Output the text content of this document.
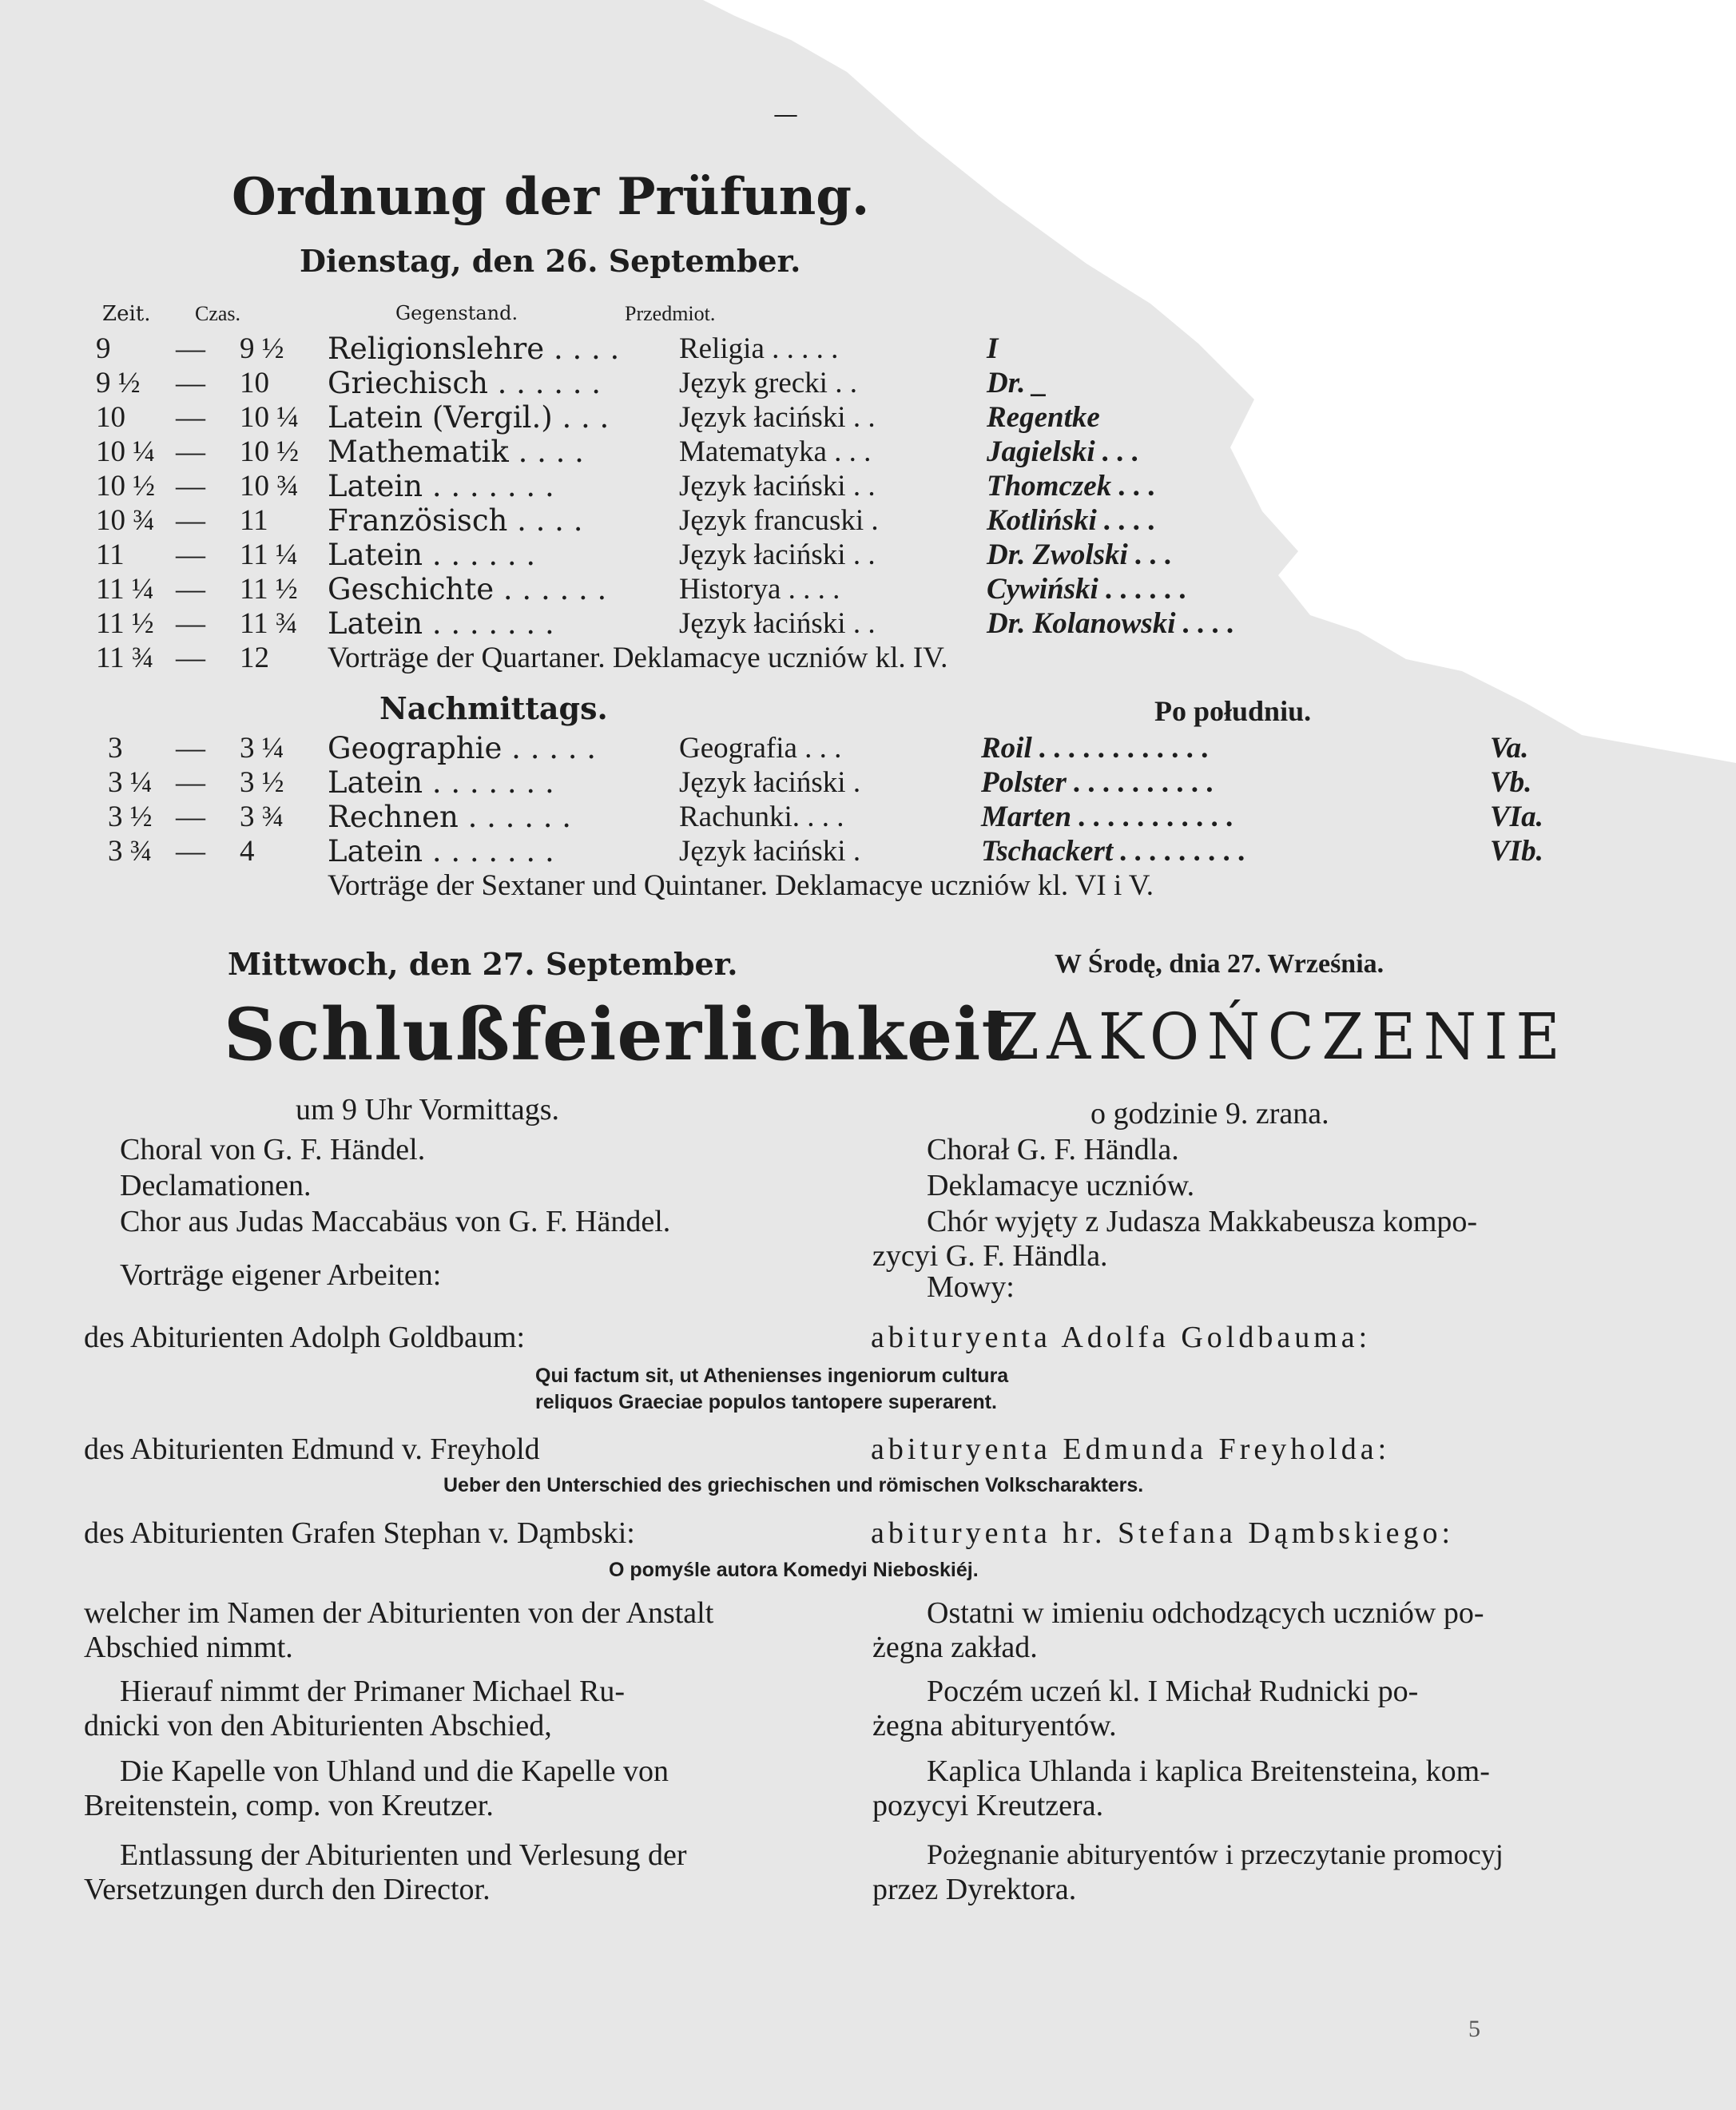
—
Ordnung der Prüfung.
Dienstag, den 26. September.
Zeit. Czas.	Gegenstand.	Przedmiot.
9 — 9 ½ Religionslehre . . . . Religia . . . . .	I
9 ½ — 10 Griechisch . . . . . .	Język grecki . .	Dr. _
10 — 10 ¼ Latein (Vergil.) . . . Język łaciński . .	Regentke
10 ¼ — 10 ½ Mathematik . . . .	Matematyka . . .	Jagielski . . .
10 ½ — 10 ¾ Latein . . . . . . .	Język łaciński . .	Thomczek . . .
10 ¾ — 11 Französisch . . . .	Język francuski .	Kotliński . . . .
11 — 11 ¼ Latein . . . . . .	Język łaciński . .	Dr. Zwolski . . .
11 ¼ — 11 ½ Geschichte . . . . . . Historya . . . .	Cywiński . . . . . .
11 ½ — 11 ¾ Latein . . . . . . .	Język łaciński . .	Dr. Kolanowski . . . .
11 ¾ — 12 Vorträge der Quartaner. Deklamacye uczniów kl. IV.
Nachmittags.	Po południu.
3 — 3 ¼ Geographie . . . . .	Geografia . . .	Roil . . . . . . . . . . . .	Va.
3 ¼ — 3 ½ Latein . . . . . . .	Język łaciński .	Polster . . . . . . . . . .	Vb.
3 ½ — 3 ¾ Rechnen . . . . . .	Rachunki. . . .	Marten . . . . . . . . . . .	VIa.
3 ¾ — 4 Latein . . . . . . .	Język łaciński .	Tschackert . . . . . . . . .	VIb.
Vorträge der Sextaner und Quintaner. Deklamacye uczniów kl. VI i V.
Mittwoch, den 27. September.	W Środę, dnia 27. Września.
Schlußfeierlichkeit
ZAKOŃCZENIE
um 9 Uhr Vormittags.	o godzinie 9. zrana.
Choral von G. F. Händel.
Declamationen.
Chor aus Judas Maccabäus von G. F. Händel.
Chorał G. F. Händla.
Deklamacye uczniów.
Chór wyjęty z Judasza Makkabeusza kompo-
zycyi G. F. Händla.
Vorträge eigener Arbeiten:	Mowy:
des Abiturienten Adolph Goldbaum:	abituryenta Adolfa Goldbauma:
Qui factum sit, ut Athenienses ingeniorum cultura
reliquos Graeciae populos tantopere superarent.
des Abiturienten Edmund v. Freyhold	abituryenta Edmunda Freyholda:
Ueber den Unterschied des griechischen und römischen Volkscharakters.
des Abiturienten Grafen Stephan v. Dąmbski:	abituryenta hr. Stefana Dąmbskiego:
O pomyśle autora Komedyi Nieboskiéj.
welcher im Namen der Abiturienten von der Anstalt
Abschied nimmt.
Ostatni w imieniu odchodzących uczniów po-
żegna zakład.
Hierauf nimmt der Primaner Michael Ru-
dnicki von den Abiturienten Abschied,
Poczém uczeń kl. I Michał Rudnicki po-
żegna abituryentów.
Die Kapelle von Uhland und die Kapelle von
Breitenstein, comp. von Kreutzer.
Kaplica Uhlanda i kaplica Breitensteina, kom-
pozycyi Kreutzera.
Entlassung der Abiturienten und Verlesung der
Versetzungen durch den Director.
Pożegnanie abituryentów i przeczytanie promocyj
przez Dyrektora.
5
